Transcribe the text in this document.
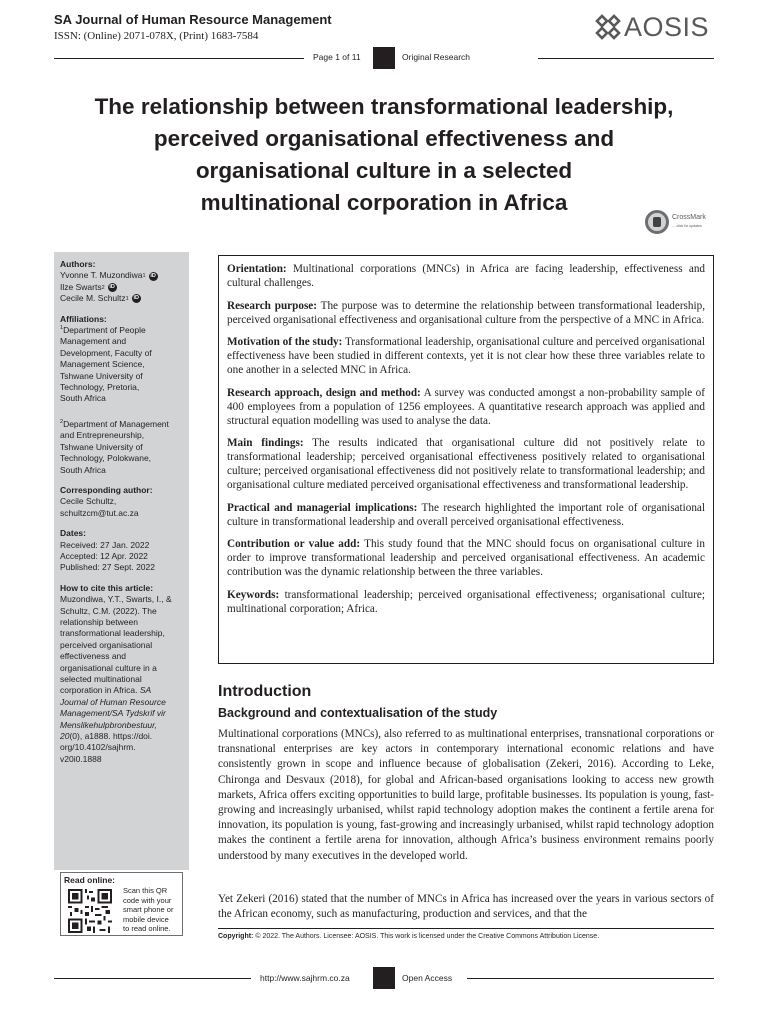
SA Journal of Human Resource Management
ISSN: (Online) 2071-078X, (Print) 1683-7584	AOSIS
Page 1 of 11	Original Research
The relationship between transformational leadership,
perceived organisational effectiveness and
organisational culture in a selected
multinational corporation in Africa
CrossMark
← click for updates
Authors:
Yvonne T. Muzondiwa 1 iD
Ilze Swarts 2 iD
Cecile M. Schultz 1 iD
Affiliations:
$^1$Department of People
Management and
Development, Faculty of
Management Science,
Tshwane University of
Technology, Pretoria,
South Africa
$^2$Department of Management
and Entrepreneurship,
Tshwane University of
Technology, Polokwane,
South Africa
Corresponding author:
Cecile Schultz,
schultzcm@tut.ac.za
Dates:
Received: 27 Jan. 2022
Accepted: 12 Apr. 2022
Published: 27 Sept. 2022
How to cite this article:
Muzondiwa, Y.T., Swarts, I., &
Schultz, C.M. (2022). The
relationship between
transformational leadership,
perceived organisational
effectiveness and
organisational culture in a
selected multinational
corporation in Africa. SA
Journal of Human Resource
Management/SA Tydskrif vir
Menslikehulpbronbestuur,
20(0), a1888. https://doi.
org/10.4102/sajhrm.
v20i0.1888
Read online:
Scan this QR
code with your
smart phone or
mobile device
to read online.

Orientation: Multinational corporations (MNCs) in Africa are facing leadership, effectiveness and cultural challenges.

Research purpose: The purpose was to determine the relationship between transformational leadership, perceived organisational effectiveness and organisational culture from the perspective of a MNC in Africa.

Motivation of the study: Transformational leadership, organisational culture and perceived organisational effectiveness have been studied in different contexts, yet it is not clear how these three variables relate to one another in a selected MNC in Africa.

Research approach, design and method: A survey was conducted amongst a non-probability sample of 400 employees from a population of 1256 employees. A quantitative research approach was applied and structural equation modelling was used to analyse the data.

Main findings: The results indicated that organisational culture did not positively relate to transformational leadership; perceived organisational effectiveness positively related to organisational culture; perceived organisational effectiveness did not positively relate to transformational leadership; and organisational culture mediated perceived organisational effectiveness and transformational leadership.

Practical and managerial implications: The research highlighted the important role of organisational culture in transformational leadership and overall perceived organisational effectiveness.

Contribution or value add: This study found that the MNC should focus on organisational culture in order to improve transformational leadership and perceived organisational effectiveness. An academic contribution was the dynamic relationship between the three variables.

Keywords: transformational leadership; perceived organisational effectiveness; organisational culture; multinational corporation; Africa.

Introduction
Background and contextualisation of the study
Multinational corporations (MNCs), also referred to as multinational enterprises, transnational corporations or transnational enterprises are key actors in contemporary international economic relations and have consistently grown in scope and influence because of globalisation (Zekeri, 2016). According to Leke, Chironga and Desvaux (2018), for global and African-based organisations looking to access new growth markets, Africa offers exciting opportunities to build large, profitable businesses. Its population is young, fast-growing and increasingly urbanised, whilst rapid technology adoption makes the continent a fertile arena for innovation, its population is young, fast-growing and increasingly urbanised, whilst rapid technology adoption makes the continent a fertile arena for innovation, although Africa’s business environment remains poorly understood by many executives in the developed world.
Yet Zekeri (2016) stated that the number of MNCs in Africa has increased over the years in various sectors of the African economy, such as manufacturing, production and services, and that the
Copyright: © 2022. The Authors. Licensee: AOSIS. This work is licensed under the Creative Commons Attribution License.
http://www.sajhrm.co.za	Open Access
